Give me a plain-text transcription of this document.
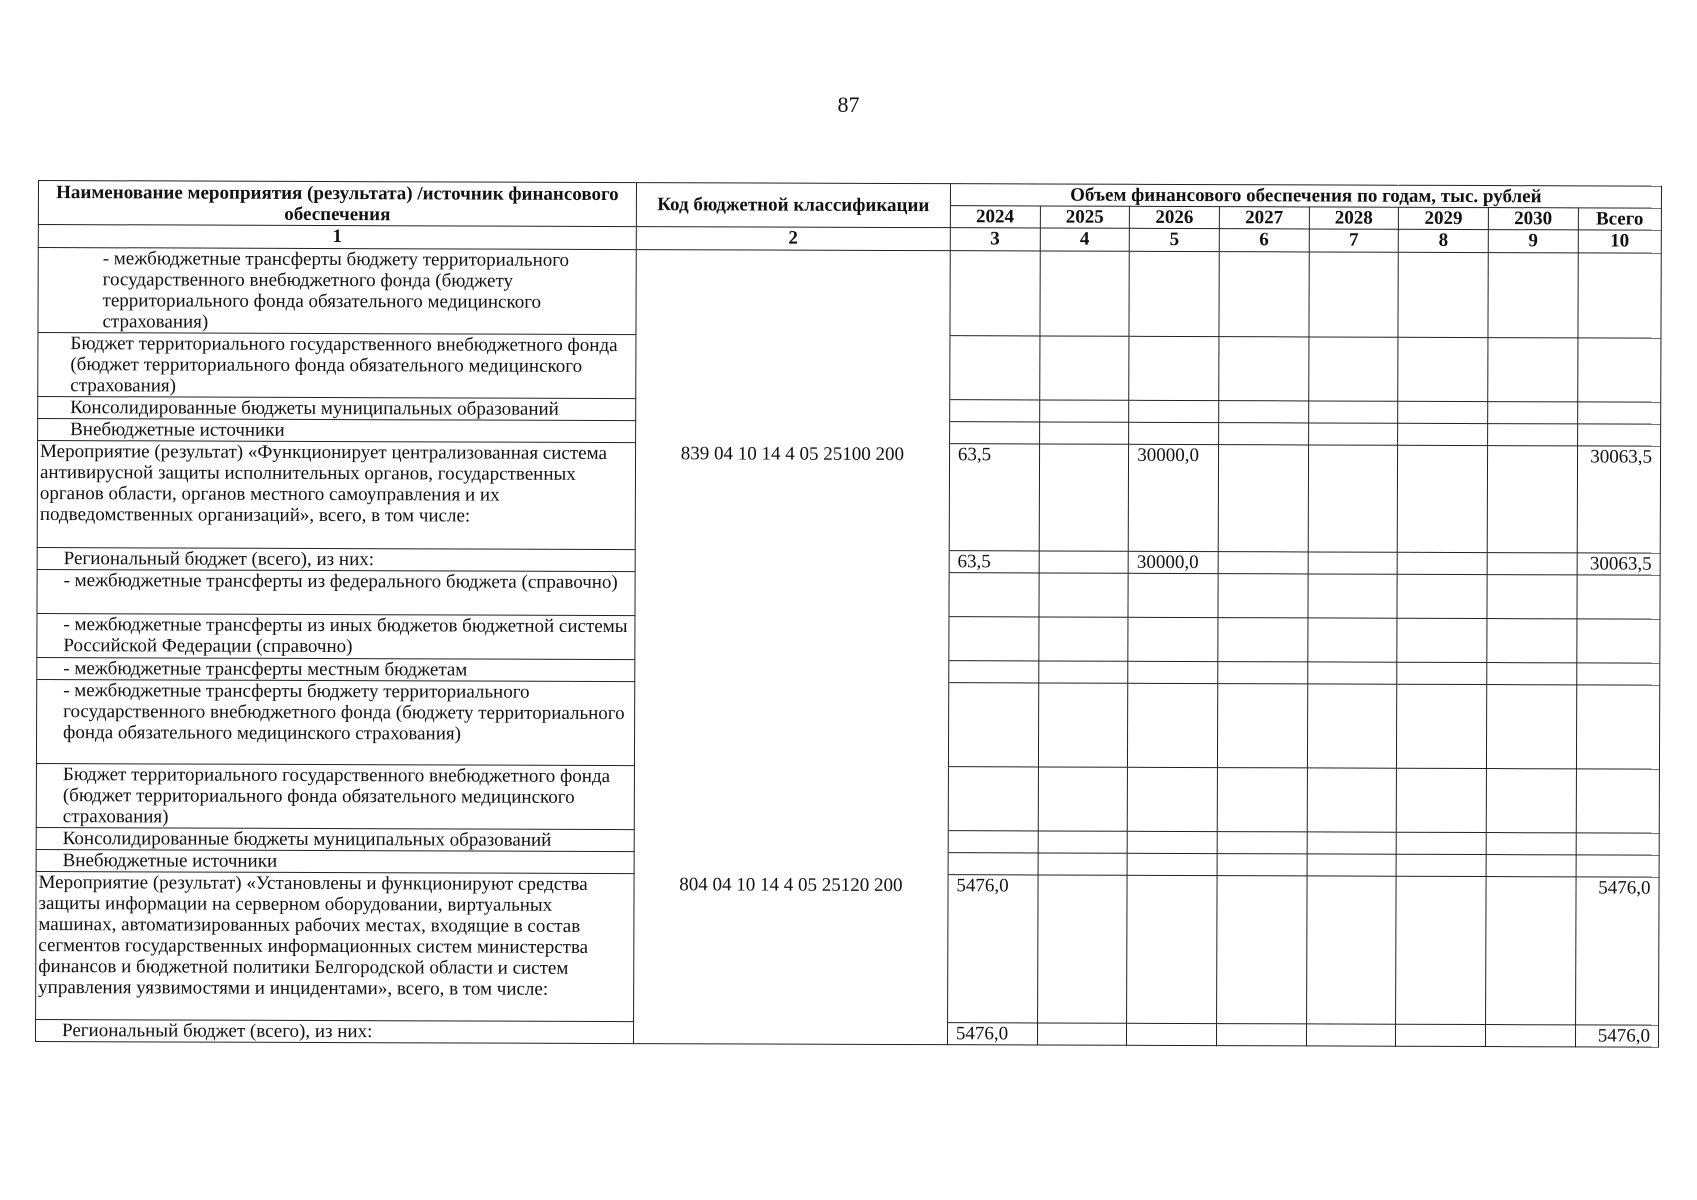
87
Наименование мероприятия (результата) /источник финансового обеспечения	Код бюджетной классификации	Объем финансового обеспечения по годам, тыс. рублей							
		2024	2025	2026	2027	2028	2029	2030	Всего
1	2	3	4	5	6	7	8	9	10
- межбюджетные трансферты бюджету территориального государственного внебюджетного фонда (бюджету территориального фонда обязательного медицинского страхования)									
Бюджет территориального государственного внебюджетного фонда (бюджет территориального фонда обязательного медицинского страхования)									
Консолидированные бюджеты муниципальных образований									
Внебюджетные источники									
Мероприятие (результат) «Функционирует централизованная система антивирусной защиты исполнительных органов, государственных органов области, органов местного самоуправления и их подведомственных организаций», всего, в том числе:	839 04 10 14 4 05 25100 200	63,5		30000,0					30063,5
Региональный бюджет (всего), из них:		63,5		30000,0					30063,5
- межбюджетные трансферты из федерального бюджета (справочно)									
- межбюджетные трансферты из иных бюджетов бюджетной системы Российской Федерации (справочно)									
- межбюджетные трансферты местным бюджетам									
- межбюджетные трансферты бюджету территориального государственного внебюджетного фонда (бюджету территориального фонда обязательного медицинского страхования)									
Бюджет территориального государственного внебюджетного фонда (бюджет территориального фонда обязательного медицинского страхования)									
Консолидированные бюджеты муниципальных образований									
Внебюджетные источники									
Мероприятие (результат) «Установлены и функционируют средства защиты информации на серверном оборудовании, виртуальных машинах, автоматизированных рабочих местах, входящие в состав сегментов государственных информационных систем министерства финансов и бюджетной политики Белгородской области и систем управления уязвимостями и инцидентами», всего, в том числе:	804 04 10 14 4 05 25120 200	5476,0							5476,0
Региональный бюджет (всего), из них:		5476,0							5476,0
